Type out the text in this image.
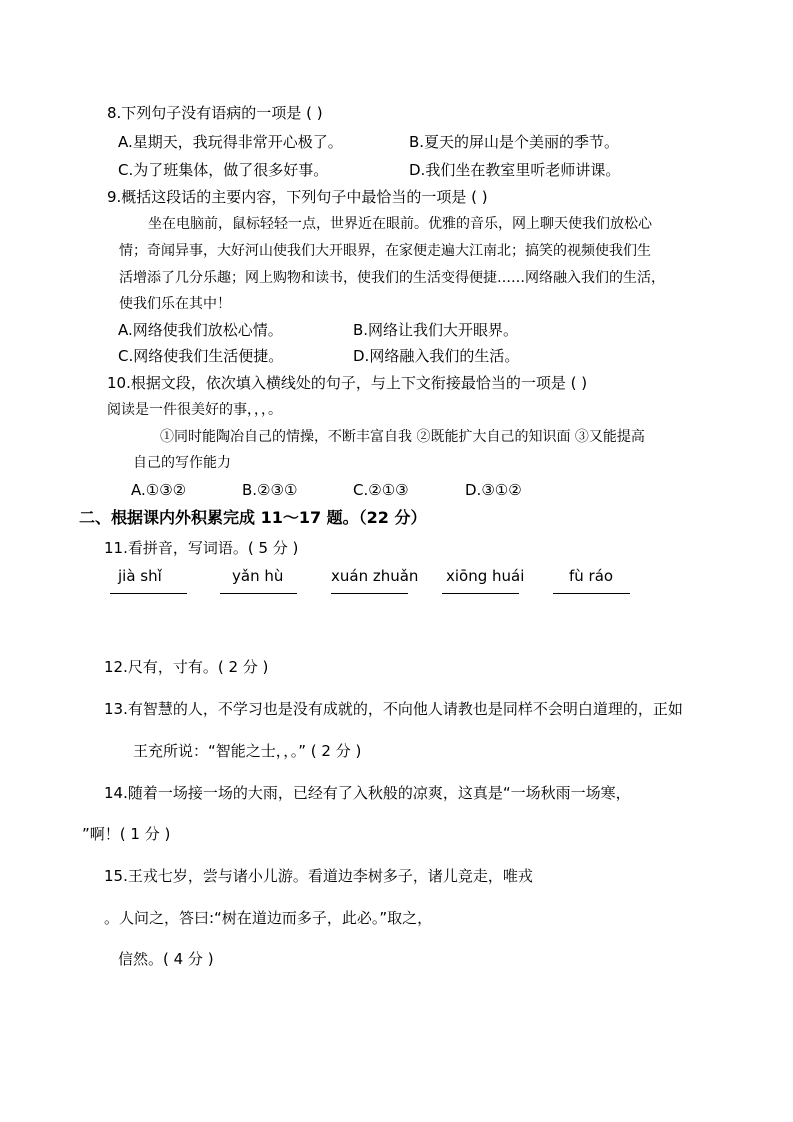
8.下列句子没有语病的一项是 ( )
A.星期天，我玩得非常开心极了。	B.夏天的屏山是个美丽的季节。
C.为了班集体，做了很多好事。	D.我们坐在教室里听老师讲课。
9.概括这段话的主要内容，下列句子中最恰当的一项是 ( )
坐在电脑前，鼠标轻轻一点，世界近在眼前。优雅的音乐，网上聊天使我们放松心
情；奇闻异事，大好河山使我们大开眼界，在家便走遍大江南北；搞笑的视频使我们生
活增添了几分乐趣；网上购物和读书，使我们的生活变得便捷……网络融入我们的生活，
使我们乐在其中！
A.网络使我们放松心情。	B.网络让我们大开眼界。
C.网络使我们生活便捷。	D.网络融入我们的生活。
10.根据文段，依次填入横线处的句子，与上下文衔接最恰当的一项是 ( )
阅读是一件很美好的事，，，。
①同时能陶冶自己的情操，不断丰富自我 ②既能扩大自己的知识面 ③又能提高
自己的写作能力
A.①③②	B.②③①	C.②①③	D.③①②
二、根据课内外积累完成 11～17 题。（22 分）
11.看拼音，写词语。( 5 分 )
jià shǐ	yǎn hù	xuán zhuǎn xiōng huái	fù ráo
12.尺有，寸有。( 2 分 )
13.有智慧的人，不学习也是没有成就的，不向他人请教也是同样不会明白道理的，正如
王充所说：“智能之士，，。” ( 2 分 )
14.随着一场接一场的大雨，已经有了入秋般的凉爽，这真是“一场秋雨一场寒，
”啊！( 1 分 )
15.王戎七岁，尝与诸小儿游。看道边李树多子，诸儿竞走，唯戎
。人问之，答曰:“树在道边而多子，此必。”取之，
信然。( 4 分 )
